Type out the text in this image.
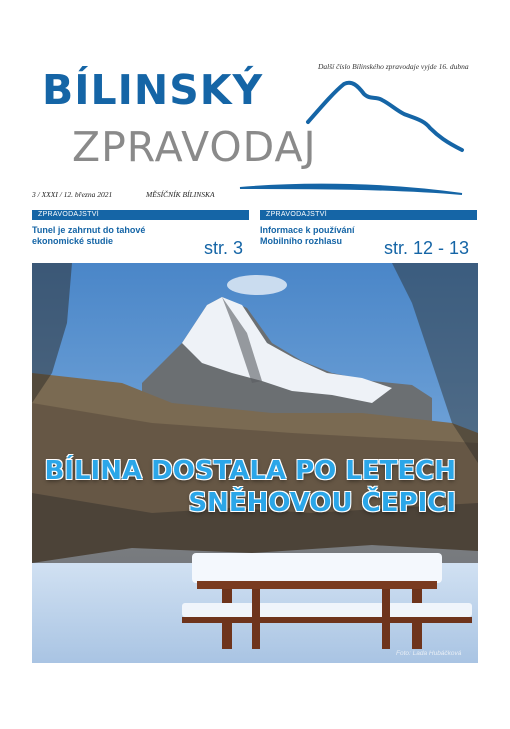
Další číslo Bílinského zpravodaje vyjde 16. dubna
BÍLINSKÝ
ZPRAVODAJ
3 / XXXI / 12. března 2021	MĚSÍČNÍK BÍLINSKA
ZPRAVODAJSTVÍ	ZPRAVODAJSTVÍ
Tunel je zahrnut do tahové ekonomické studie	str. 3
Informace k používání Mobilního rozhlasu	str. 12 - 13
BÍLINA DOSTALA PO LETECH
SNĚHOVOU ČEPICI
Foto: Lada Hubáčková
